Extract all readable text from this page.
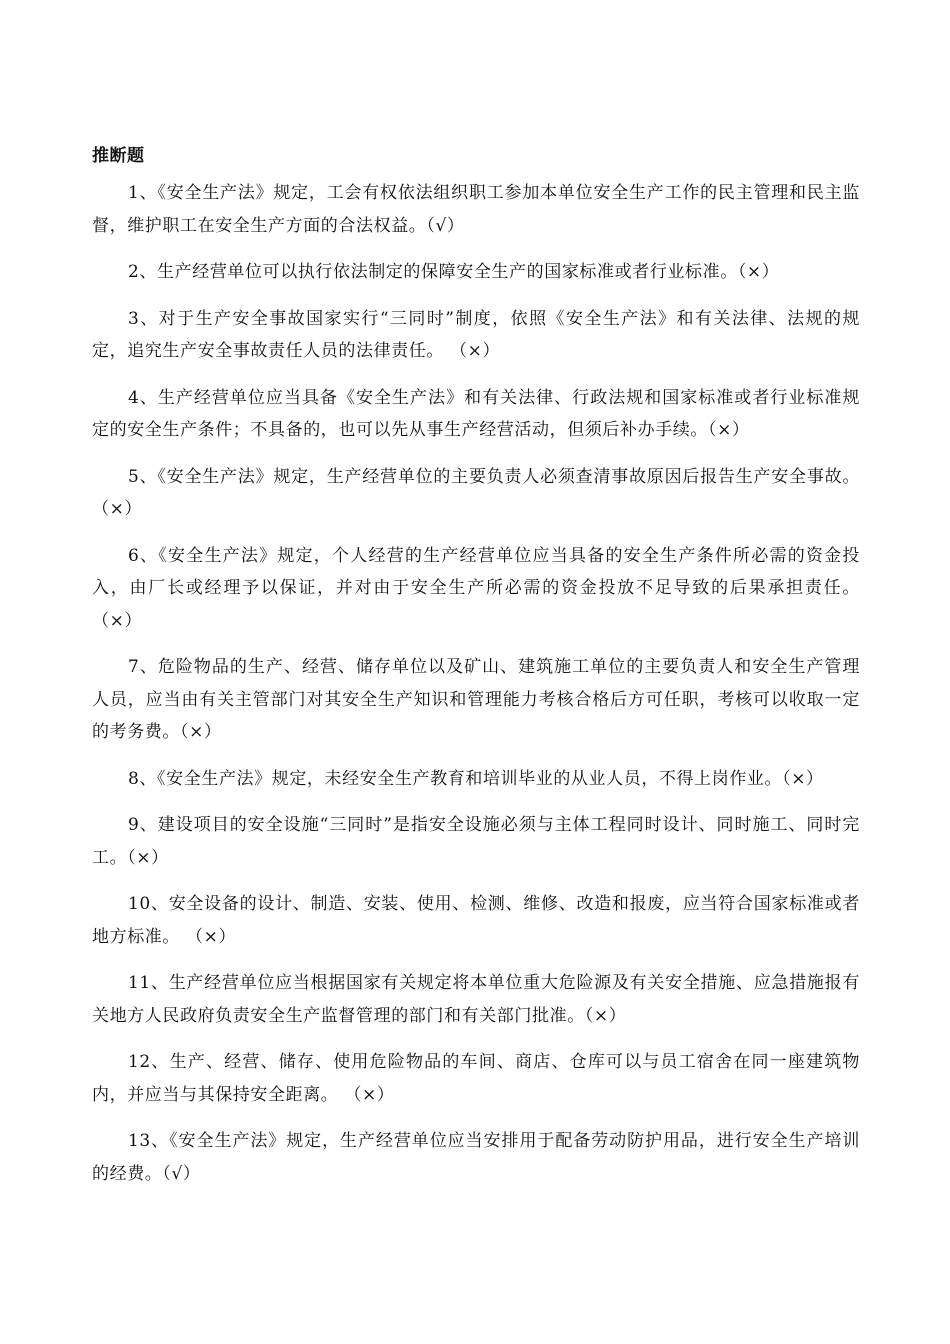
推断题

1、《安全生产法》规定，工会有权依法组织职工参加本单位安全生产工作的民主管理和民主监督，维护职工在安全生产方面的合法权益。（√）

2、生产经营单位可以执行依法制定的保障安全生产的国家标准或者行业标准。（×）

3、对于生产安全事故国家实行“三同时”制度，依照《安全生产法》和有关法律、法规的规定，追究生产安全事故责任人员的法律责任。 （×）

4、生产经营单位应当具备《安全生产法》和有关法律、行政法规和国家标准或者行业标准规定的安全生产条件；不具备的，也可以先从事生产经营活动，但须后补办手续。（×）

5、《安全生产法》规定，生产经营单位的主要负责人必须查清事故原因后报告生产安全事故。（×）

6、《安全生产法》规定，个人经营的生产经营单位应当具备的安全生产条件所必需的资金投入，由厂长或经理予以保证，并对由于安全生产所必需的资金投放不足导致的后果承担责任。 （×）

7、危险物品的生产、经营、储存单位以及矿山、建筑施工单位的主要负责人和安全生产管理人员，应当由有关主管部门对其安全生产知识和管理能力考核合格后方可任职，考核可以收取一定的考务费。（×）

8、《安全生产法》规定，未经安全生产教育和培训毕业的从业人员，不得上岗作业。（×）

9、建设项目的安全设施“三同时”是指安全设施必须与主体工程同时设计、同时施工、同时完工。（×）

10、安全设备的设计、制造、安装、使用、检测、维修、改造和报废，应当符合国家标准或者地方标准。 （×）

11、生产经营单位应当根据国家有关规定将本单位重大危险源及有关安全措施、应急措施报有关地方人民政府负责安全生产监督管理的部门和有关部门批准。（×）

12、生产、经营、储存、使用危险物品的车间、商店、仓库可以与员工宿舍在同一座建筑物内，并应当与其保持安全距离。 （×）

13、《安全生产法》规定，生产经营单位应当安排用于配备劳动防护用品，进行安全生产培训的经费。（√）
